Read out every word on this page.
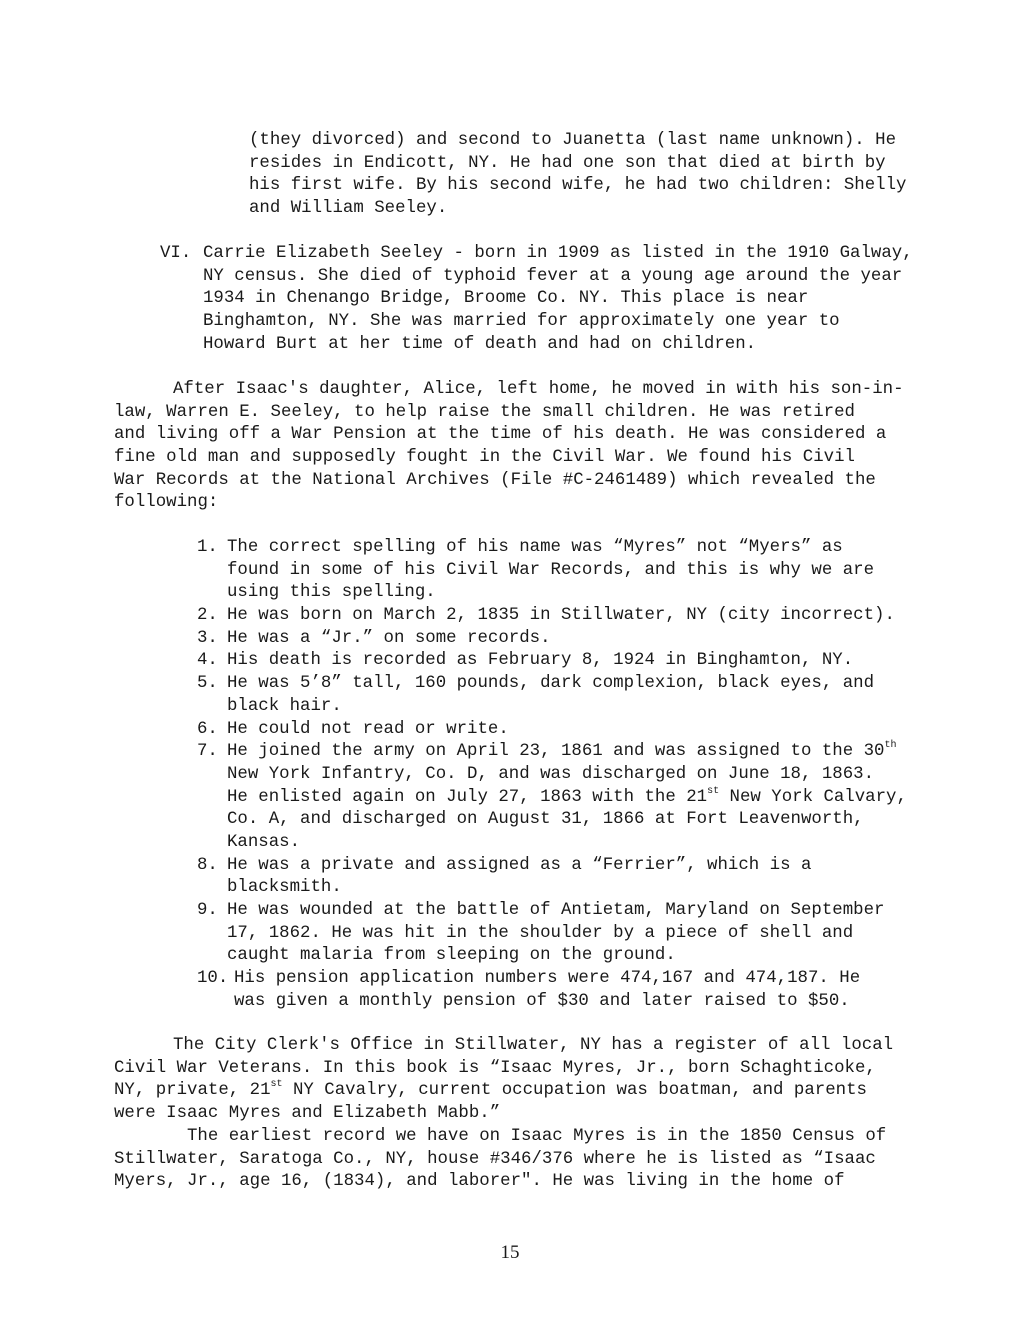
(they divorced) and second to Juanetta (last name unknown). He
resides in Endicott, NY. He had one son that died at birth by
his first wife. By his second wife, he had two children: Shelly
and William Seeley.
VI. Carrie Elizabeth Seeley - born in 1909 as listed in the 1910 Galway,
NY census. She died of typhoid fever at a young age around the year
1934 in Chenango Bridge, Broome Co. NY. This place is near
Binghamton, NY. She was married for approximately one year to
Howard Burt at her time of death and had on children.
After Isaac's daughter, Alice, left home, he moved in with his son-in-
law, Warren E. Seeley, to help raise the small children. He was retired
and living off a War Pension at the time of his death. He was considered a
fine old man and supposedly fought in the Civil War. We found his Civil
War Records at the National Archives (File #C-2461489) which revealed the
following:
1. The correct spelling of his name was “Myres” not “Myers” as
found in some of his Civil War Records, and this is why we are
using this spelling.
2. He was born on March 2, 1835 in Stillwater, NY (city incorrect).
3. He was a “Jr.” on some records.
4. His death is recorded as February 8, 1924 in Binghamton, NY.
5. He was 5’8” tall, 160 pounds, dark complexion, black eyes, and
black hair.
6. He could not read or write.
7. He joined the army on April 23, 1861 and was assigned to the 30th
New York Infantry, Co. D, and was discharged on June 18, 1863.
He enlisted again on July 27, 1863 with the 21st New York Calvary,
Co. A, and discharged on August 31, 1866 at Fort Leavenworth,
Kansas.
8. He was a private and assigned as a “Ferrier”, which is a
blacksmith.
9. He was wounded at the battle of Antietam, Maryland on September
17, 1862. He was hit in the shoulder by a piece of shell and
caught malaria from sleeping on the ground.
10. His pension application numbers were 474,167 and 474,187. He
was given a monthly pension of $30 and later raised to $50.
The City Clerk's Office in Stillwater, NY has a register of all local
Civil War Veterans. In this book is “Isaac Myres, Jr., born Schaghticoke,
NY, private, 21st NY Cavalry, current occupation was boatman, and parents
were Isaac Myres and Elizabeth Mabb.”
The earliest record we have on Isaac Myres is in the 1850 Census of
Stillwater, Saratoga Co., NY, house #346/376 where he is listed as “Isaac
Myers, Jr., age 16, (1834), and laborer". He was living in the home of
15
